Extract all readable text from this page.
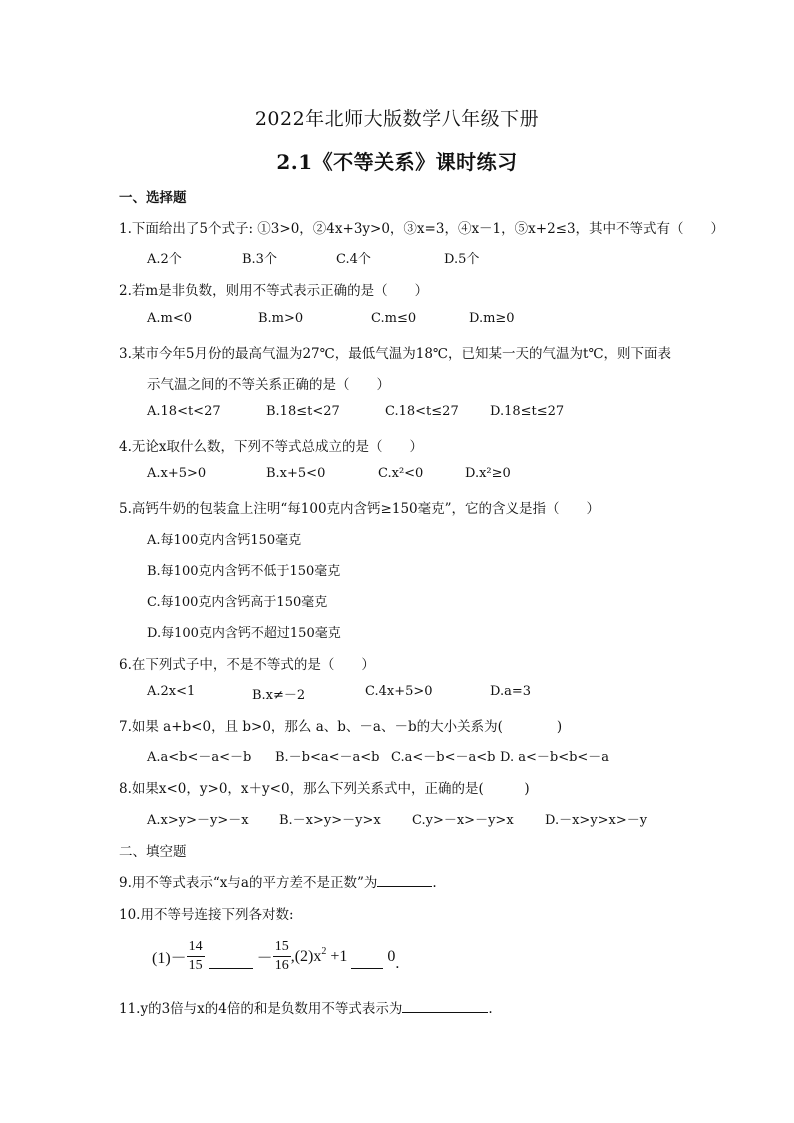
2022年北师大版数学八年级下册
2.1《不等关系》课时练习
一、选择题
1.下面给出了5个式子: ①3>0，②4x+3y>0，③x=3，④x－1，⑤x+2≤3，其中不等式有（　　）
A.2个	B.3个	C.4个	D.5个
2.若m是非负数，则用不等式表示正确的是（　　）
A.m<0	B.m>0	C.m≤0	D.m≥0
3.某市今年5月份的最高气温为27℃，最低气温为18℃，已知某一天的气温为t℃，则下面表
示气温之间的不等关系正确的是（　　）
A.18<t<27	B.18≤t<27	C.18<t≤27 D.18≤t≤27
4.无论x取什么数，下列不等式总成立的是（　　）
A.x+5>0	B.x+5<0	C.x²<0	D.x²≥0
5.高钙牛奶的包装盒上注明“每100克内含钙≥150毫克”，它的含义是指（　　）
A.每100克内含钙150毫克
B.每100克内含钙不低于150毫克
C.每100克内含钙高于150毫克
D.每100克内含钙不超过150毫克
6.在下列式子中，不是不等式的是（　　）
A.2x<1	B.x≠－2	C.4x+5>0	D.a=3
7.如果 a+b<0，且 b>0，那么 a、b、－a、－b的大小关系为(　　　　)
A.a<b<－a<－b B.－b<a<－a<b C.a<－b<－a<b D. a<－b<b<－a
8.如果x<0，y>0，x＋y<0，那么下列关系式中，正确的是(　　　)
A.x>y>－y>－x B.－x>y>－y>x C.y>－x>－y>x D.－x>y>x>－y
二、填空题
9.用不等式表示“x与a的平方差不是正数”为	.
10.用不等号连接下列各对数:
$(1)- \frac{14}{15}$	－ $\frac{15}{16} ,(2)x^2 +1$	0 .
11.y的3倍与x的4倍的和是负数用不等式表示为	.
